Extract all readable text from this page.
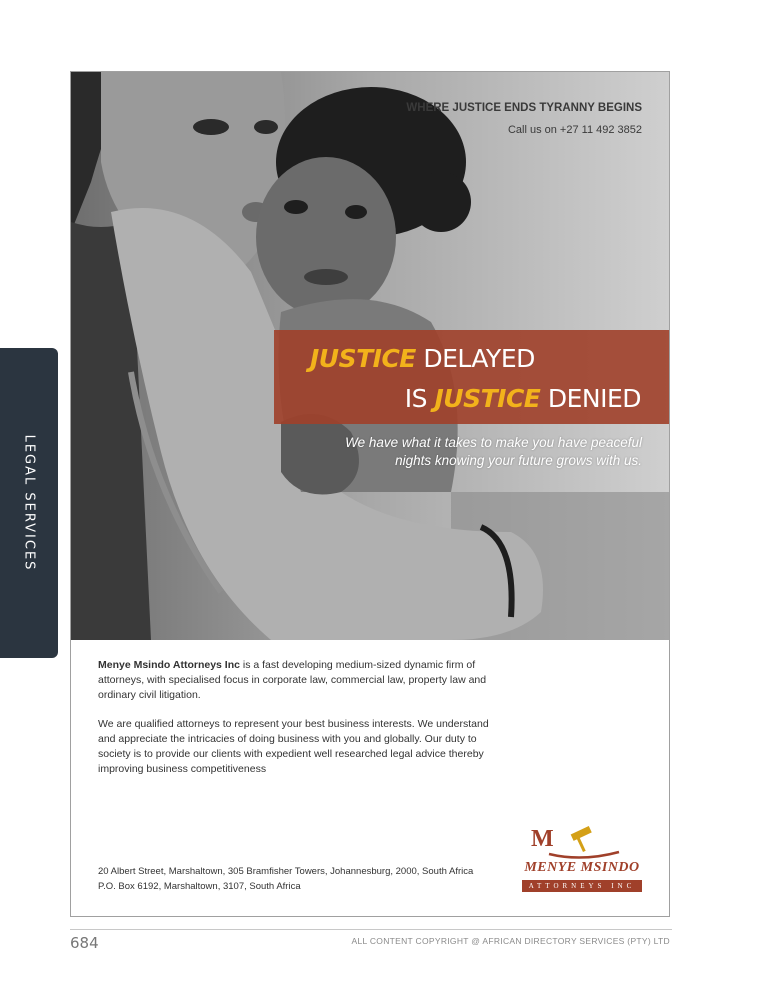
LEGAL SERVICES
WHERE JUSTICE ENDS TYRANNY BEGINS
Call us on +27 11 492 3852
JUSTICE DELAYED
IS JUSTICE DENIED
We have what it takes to make you have peaceful
nights knowing your future grows with us.

Menye Msindo Attorneys Inc is a fast developing medium-sized dynamic firm of attorneys, with specialised focus in corporate law, commercial law, property law and ordinary civil litigation.

We are qualified attorneys to represent your best business interests. We understand and appreciate the intricacies of doing business with you and globally. Our duty to society is to provide our clients with expedient well researched legal advice thereby improving business competitiveness

20 Albert Street, Marshaltown, 305 Bramfisher Towers, Johannesburg, 2000, South Africa
P.O. Box 6192, Marshaltown, 3107, South Africa
M
MENYE MSINDO
ATTORNEYS INC
684	ALL CONTENT COPYRIGHT @ AFRICAN DIRECTORY SERVICES (PTY) LTD
